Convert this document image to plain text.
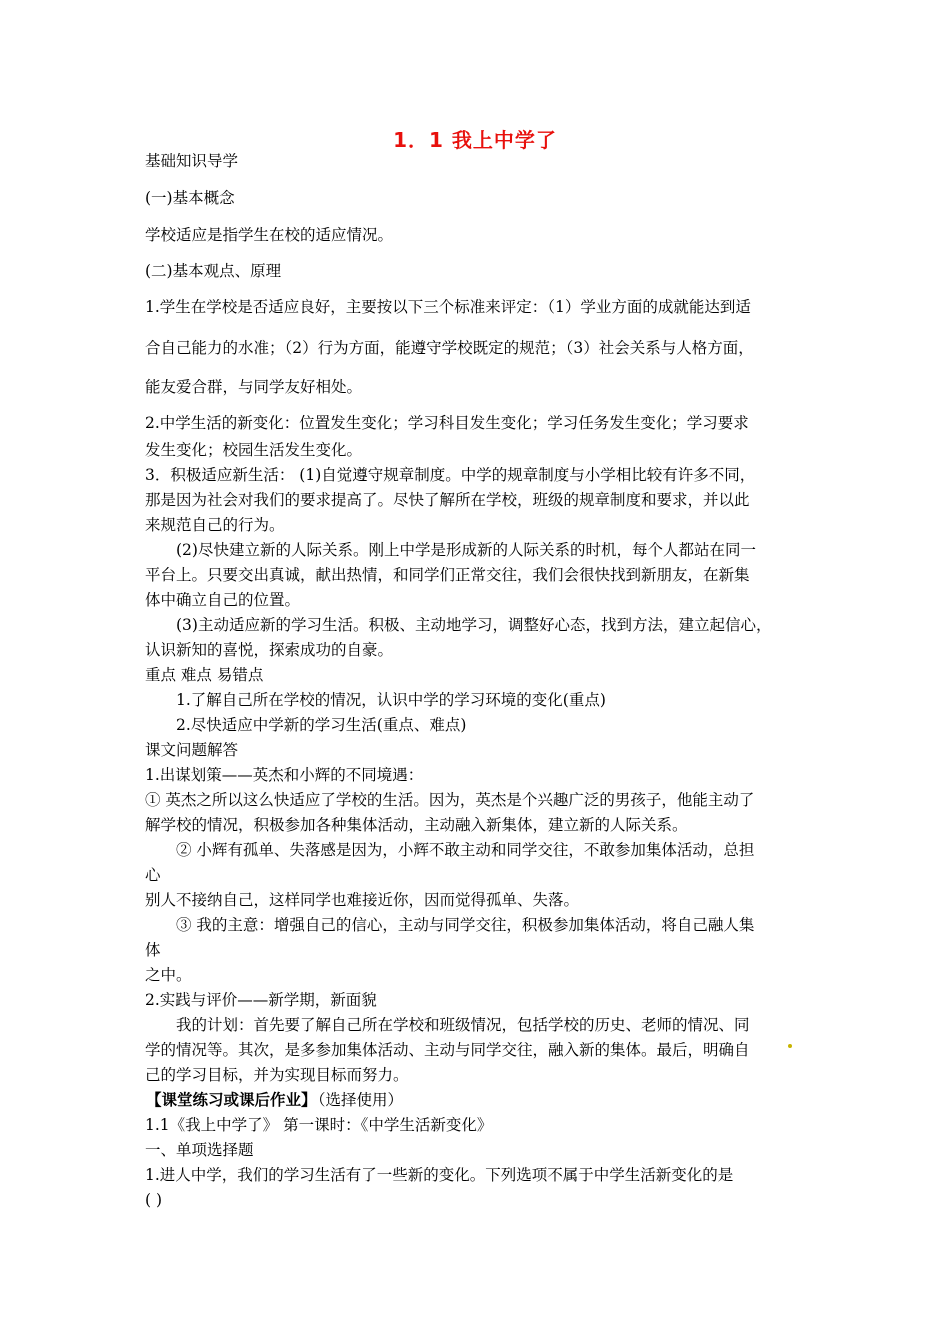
1．1 我上中学了
基础知识导学
(一)基本概念
学校适应是指学生在校的适应情况。
(二)基本观点、原理
1.学生在学校是否适应良好，主要按以下三个标准来评定：（1）学业方面的成就能达到适
合自己能力的水准；（2）行为方面，能遵守学校既定的规范；（3）社会关系与人格方面，
能友爱合群，与同学友好相处。
2.中学生活的新变化：位置发生变化；学习科目发生变化；学习任务发生变化；学习要求
发生变化；校园生活发生变化。
3．积极适应新生活： (1)自觉遵守规章制度。中学的规章制度与小学相比较有许多不同，
那是因为社会对我们的要求提高了。尽快了解所在学校，班级的规章制度和要求，并以此
来规范自己的行为。
(2)尽快建立新的人际关系。刚上中学是形成新的人际关系的时机，每个人都站在同一
平台上。只要交出真诚，献出热情，和同学们正常交往，我们会很快找到新朋友，在新集
体中确立自己的位置。
(3)主动适应新的学习生活。积极、主动地学习，调整好心态，找到方法，建立起信心，
认识新知的喜悦，探索成功的自豪。
重点 难点 易错点
1.了解自己所在学校的情况，认识中学的学习环境的变化(重点)
2.尽快适应中学新的学习生活(重点、难点)
课文问题解答
1.出谋划策——英杰和小辉的不同境遇：
① 英杰之所以这么快适应了学校的生活。因为，英杰是个兴趣广泛的男孩子，他能主动了
解学校的情况，积极参加各种集体活动，主动融入新集体，建立新的人际关系。
② 小辉有孤单、失落感是因为，小辉不敢主动和同学交往，不敢参加集体活动，总担
心
别人不接纳自己，这样同学也难接近你，因而觉得孤单、失落。
③ 我的主意：增强自己的信心，主动与同学交往，积极参加集体活动，将自己融人集
体
之中。
2.实践与评价——新学期，新面貌
我的计划：首先要了解自己所在学校和班级情况，包括学校的历史、老师的情况、同
学的情况等。其次，是多参加集体活动、主动与同学交往，融入新的集体。最后，明确自
己的学习目标，并为实现目标而努力。
【课堂练习或课后作业】
（选择使用）
1.1《我上中学了》 第一课时：《中学生活新变化》
一、单项选择题
1.进人中学，我们的学习生活有了一些新的变化。下列选项不属于中学生活新变化的是
( )
